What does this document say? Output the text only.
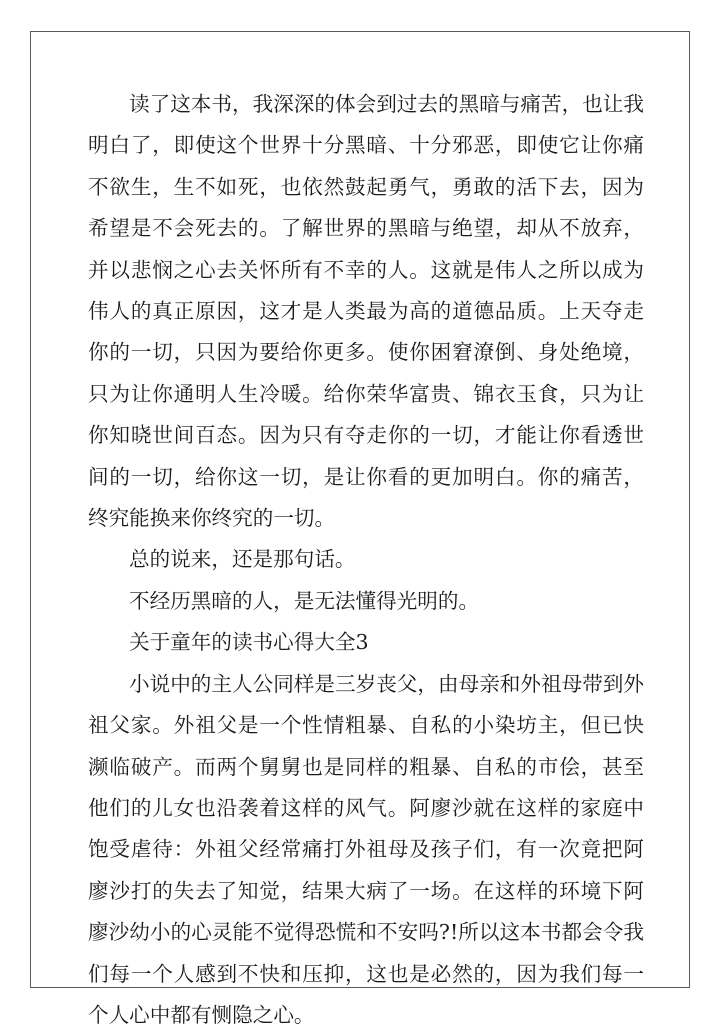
读了这本书，我深深的体会到过去的黑暗与痛苦，也让我明白了，即使这个世界十分黑暗、十分邪恶，即使它让你痛不欲生，生不如死，也依然鼓起勇气，勇敢的活下去，因为希望是不会死去的。了解世界的黑暗与绝望，却从不放弃，并以悲悯之心去关怀所有不幸的人。这就是伟人之所以成为伟人的真正原因，这才是人类最为高的道德品质。上天夺走你的一切，只因为要给你更多。使你困窘潦倒、身处绝境，只为让你通明人生冷暖。给你荣华富贵、锦衣玉食，只为让你知晓世间百态。因为只有夺走你的一切，才能让你看透世间的一切，给你这一切，是让你看的更加明白。你的痛苦，终究能换来你终究的一切。

总的说来，还是那句话。

不经历黑暗的人，是无法懂得光明的。

关于童年的读书心得大全3

小说中的主人公同样是三岁丧父，由母亲和外祖母带到外祖父家。外祖父是一个性情粗暴、自私的小染坊主，但已快濒临破产。而两个舅舅也是同样的粗暴、自私的市侩，甚至他们的儿女也沿袭着这样的风气。阿廖沙就在这样的家庭中饱受虐待：外祖父经常痛打外祖母及孩子们，有一次竟把阿廖沙打的失去了知觉，结果大病了一场。在这样的环境下阿廖沙幼小的心灵能不觉得恐慌和不安吗?!所以这本书都会令我们每一个人感到不快和压抑，这也是必然的，因为我们每一个人心中都有恻隐之心。
